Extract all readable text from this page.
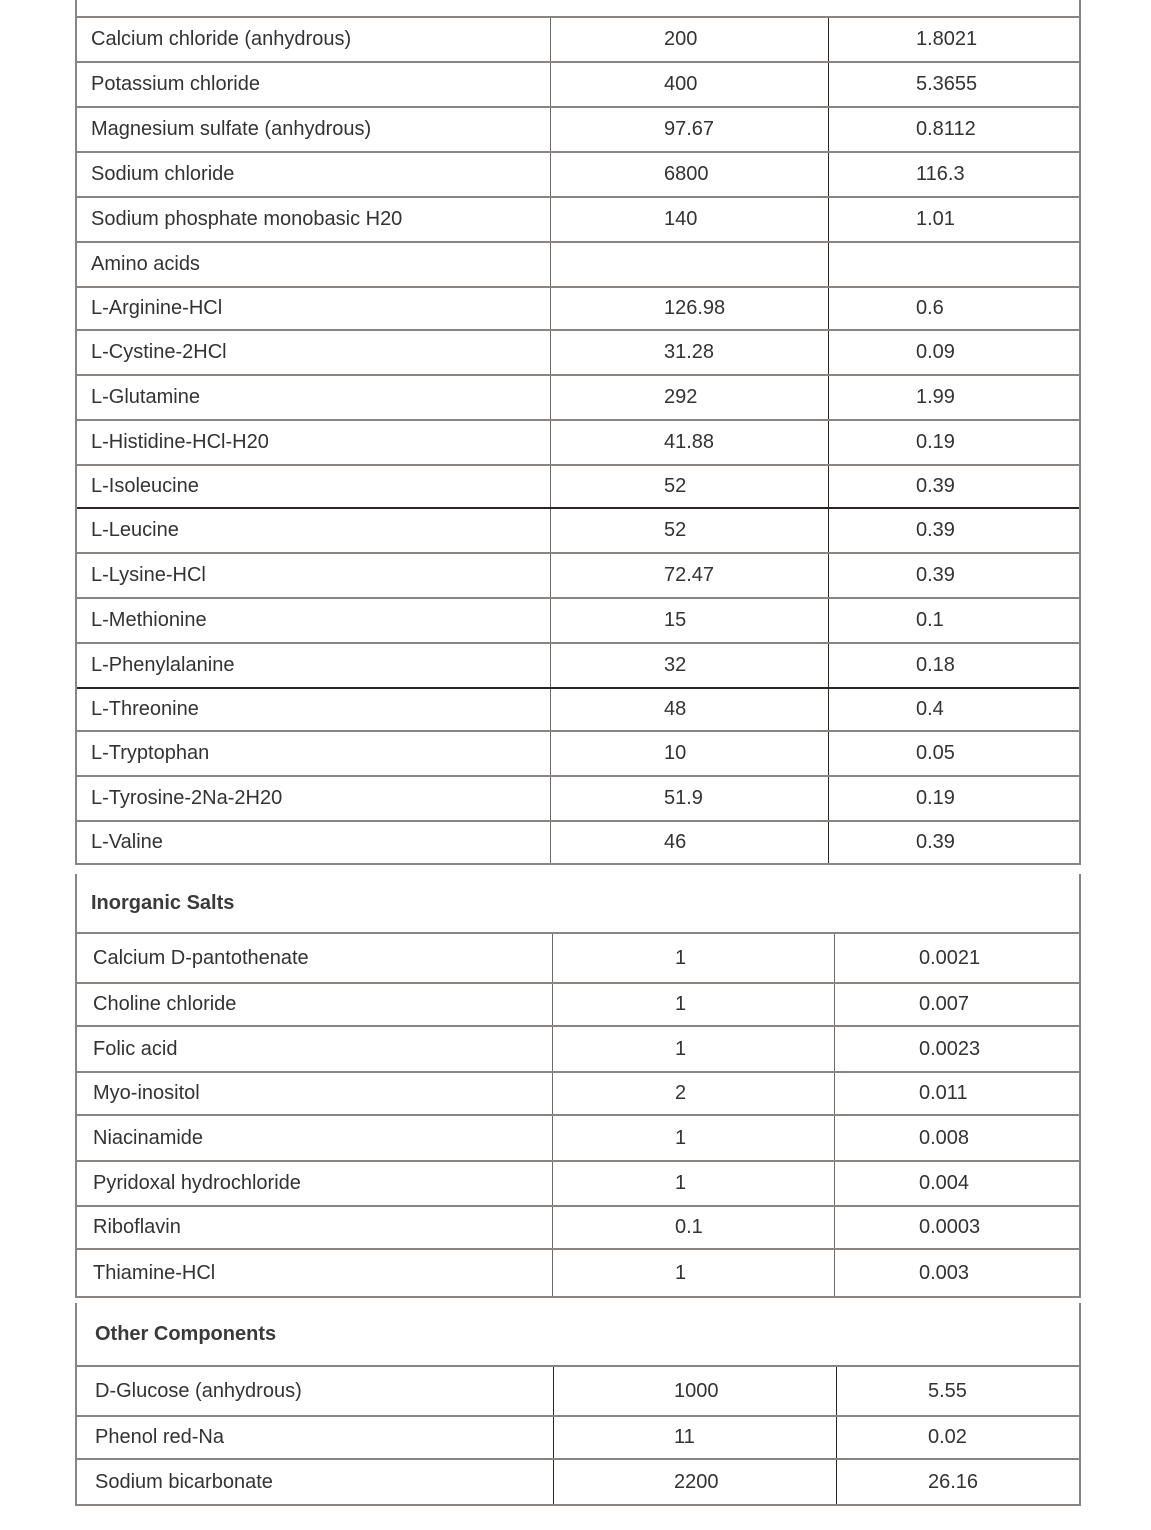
Calcium chloride (anhydrous)	200	1.8021
Potassium chloride	400	5.3655
Magnesium sulfate (anhydrous)	97.67	0.8112
Sodium chloride	6800	116.3
Sodium phosphate monobasic H20	140	1.01
Amino acids
L-Arginine-HCl	126.98	0.6
L-Cystine-2HCl	31.28	0.09
L-Glutamine	292	1.99
L-Histidine-HCl-H20	41.88	0.19
L-Isoleucine	52	0.39
L-Leucine	52	0.39
L-Lysine-HCl	72.47	0.39
L-Methionine	15	0.1
L-Phenylalanine	32	0.18
L-Threonine	48	0.4
L-Tryptophan	10	0.05
L-Tyrosine-2Na-2H20	51.9	0.19
L-Valine	46	0.39
Inorganic Salts
Calcium D-pantothenate	1	0.0021
Choline chloride	1	0.007
Folic acid	1	0.0023
Myo-inositol	2	0.011
Niacinamide	1	0.008
Pyridoxal hydrochloride	1	0.004
Riboflavin	0.1	0.0003
Thiamine-HCl	1	0.003
Other Components
D-Glucose (anhydrous)	1000	5.55
Phenol red-Na	11	0.02
Sodium bicarbonate	2200	26.16
